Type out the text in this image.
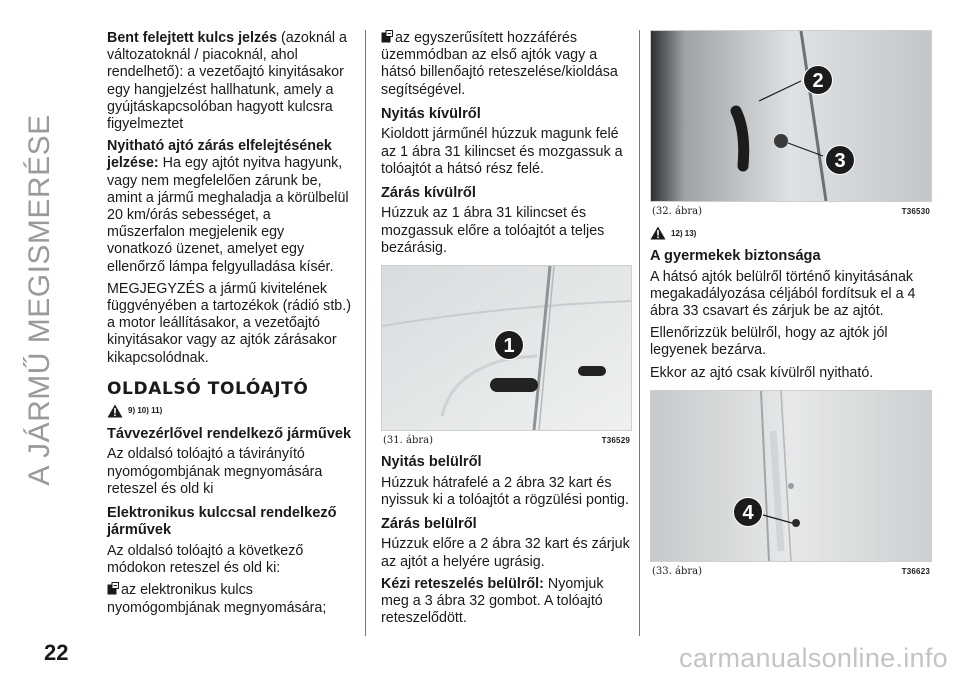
A JÁRMŰ MEGISMERÉSE
22	carmanualsonline.info

Bent felejtett kulcs jelzés (azoknál a változatoknál / piacoknál, ahol rendelhető): a vezetőajtó kinyitásakor egy hangjelzést hallhatunk, amely a gyújtáskapcsolóban hagyott kulcsra figyelmeztet

Nyitható ajtó zárás elfelejtésének jelzése: Ha egy ajtót nyitva hagyunk, vagy nem megfelelően zárunk be, amint a jármű meghaladja a körülbelül 20 km/órás sebességet, a műszerfalon megjelenik egy vonatkozó üzenet, amelyet egy ellenőrző lámpa felgyulladása kísér.

MEGJEGYZÉS a jármű kivitelének függvényében a tartozékok (rádió stb.) a motor leállításakor, a vezetőajtó kinyitásakor vagy az ajtók zárásakor kikapcsolódnak.

OLDALSÓ TOLÓAJTÓ
9) 10) 11)
Távvezérlővel rendelkező járművek

Az oldalsó tolóajtó a távirányító nyomógombjának megnyomására reteszel és old ki

Elektronikus kulccsal rendelkező járművek

Az oldalsó tolóajtó a következő módokon reteszel és old ki:

az elektronikus kulcs nyomógombjának megnyomására;

az egyszerűsített hozzáférés üzemmódban az első ajtók vagy a hátsó billenőajtó reteszelése/kioldása segítségével.

Nyitás kívülről

Kioldott járműnél húzzuk magunk felé az 1 ábra 31 kilincset és mozgassuk a tolóajtót a hátsó rész felé.

Zárás kívülről

Húzzuk az 1 ábra 31 kilincset és mozgassuk előre a tolóajtót a teljes bezárásig.

1
(31. ábra)	T36529
Nyitás belülről

Húzzuk hátrafelé a 2 ábra 32 kart és nyissuk ki a tolóajtót a rögzülési pontig.

Zárás belülről

Húzzuk előre a 2 ábra 32 kart és zárjuk az ajtót a helyére ugrásig.

Kézi reteszelés belülről: Nyomjuk meg a 3 ábra 32 gombot. A tolóajtó reteszelődött.

2
3
(32. ábra)	T36530
12) 13)
A gyermekek biztonsága

A hátsó ajtók belülről történő kinyitásának megakadályozása céljából fordítsuk el a 4 ábra 33 csavart és zárjuk be az ajtót.

Ellenőrizzük belülről, hogy az ajtók jól legyenek bezárva.

Ekkor az ajtó csak kívülről nyitható.

4
(33. ábra)	T36623
